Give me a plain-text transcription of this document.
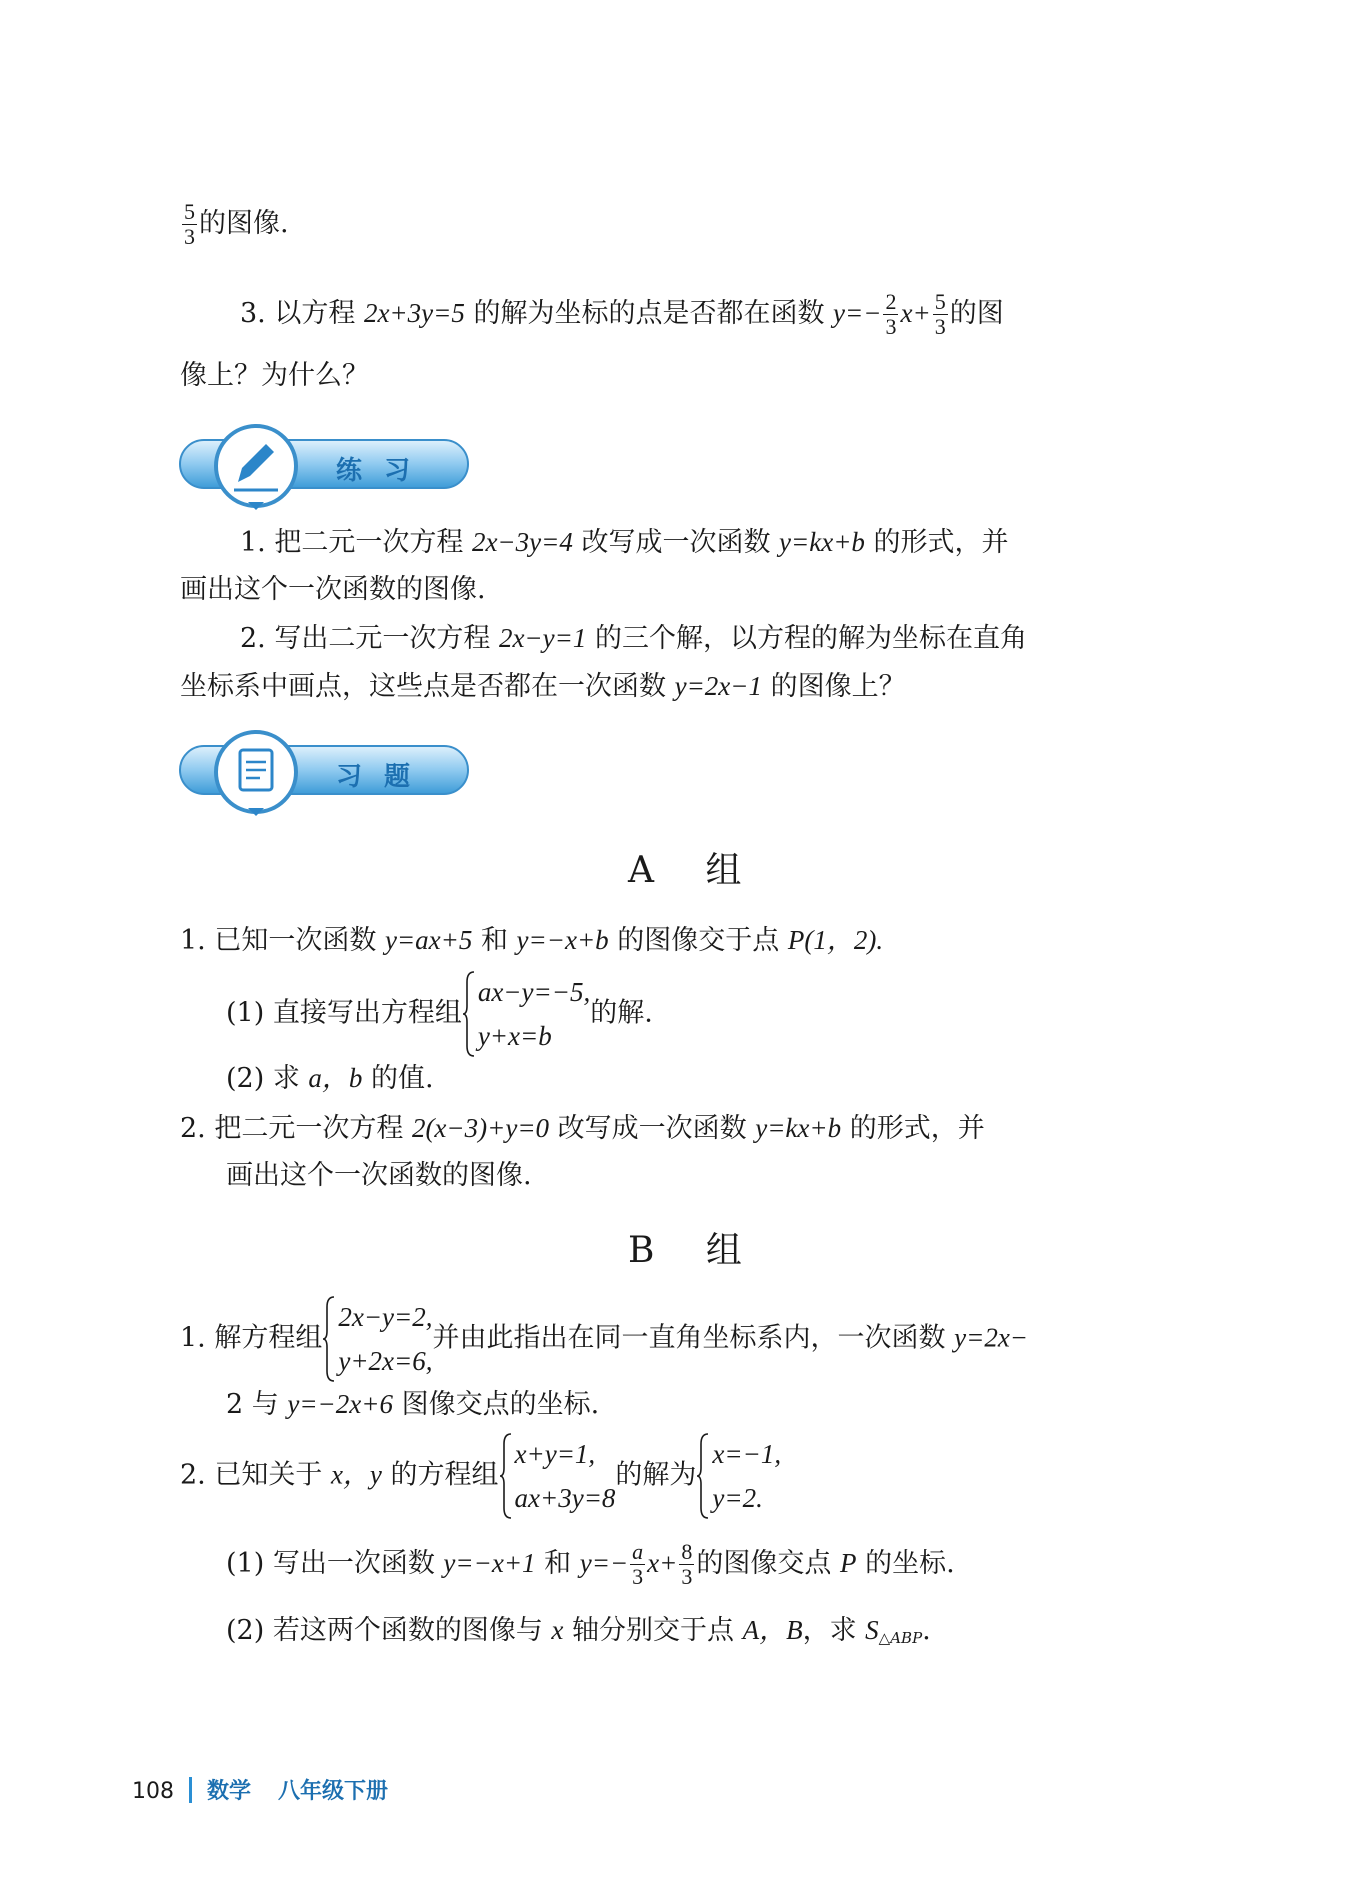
$\frac{5}{3}$ 的图像.
3. 以方程 2x+3y=5 的解为坐标的点是否都在函数 $y=- \frac{2}{3} x+ \frac{5}{3}$ 的图
像上？为什么？
练习
1. 把二元一次方程 2x−3y=4 改写成一次函数 y=kx+b 的形式，并
画出这个一次函数的图像.
2. 写出二元一次方程 2x−y=1 的三个解，以方程的解为坐标在直角
坐标系中画点，这些点是否都在一次函数 y=2x−1 的图像上？
习题
A 组
1. 已知一次函数 y=ax+5 和 y=−x+b 的图像交于点 P(1，2).
(1) 直接写出方程组
ax−y=−5,
y+x=b
的解.
(2) 求 a，b 的值.
2. 把二元一次方程 2(x−3)+y=0 改写成一次函数 y=kx+b 的形式，并
画出这个一次函数的图像.
B 组
1. 解方程组
2x−y=2,
y+2x=6,
并由此指出在同一直角坐标系内，一次函数 y=2x−
2 与 y=−2x+6 图像交点的坐标.
2. 已知关于 x，y 的方程组
x+y=1,
ax+3y=8
的解为
x=−1,
y=2.
(1) 写出一次函数 y=−x+1 和 $y=- \frac{a}{3} x+ \frac{8}{3}$ 的图像交点 P 的坐标.
(2) 若这两个函数的图像与 x 轴分别交于点 A，B，求 $S_{\triangle ABP}$.
108 数学 八年级下册
